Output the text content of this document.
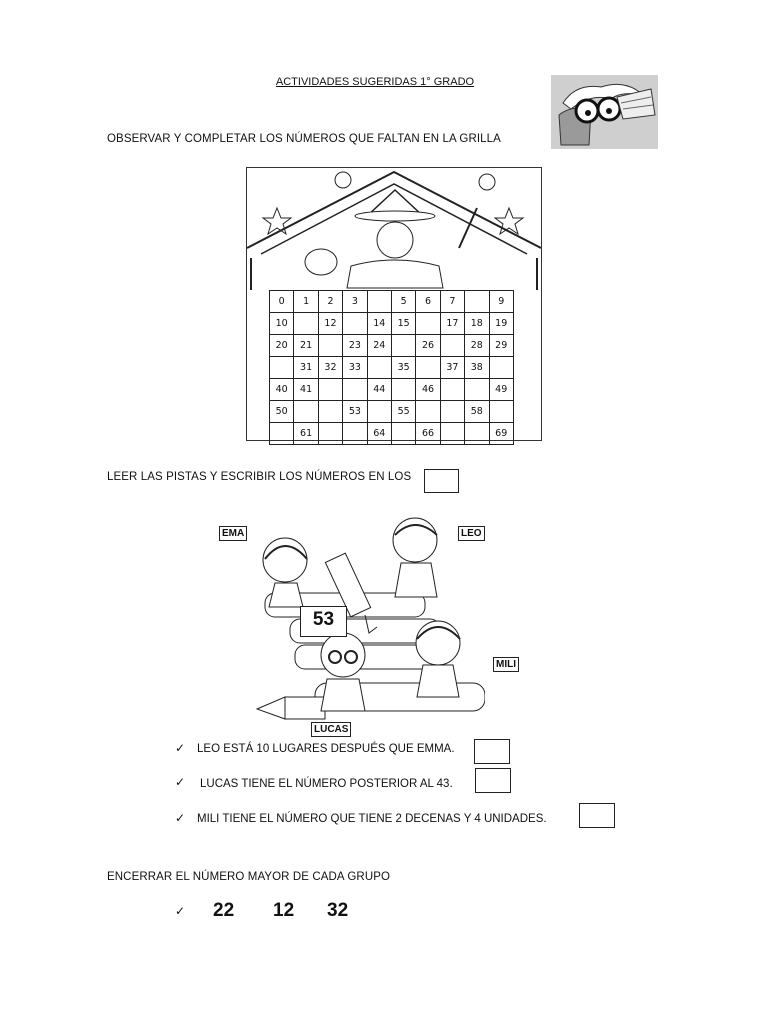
ACTIVIDADES SUGERIDAS 1° GRADO
OBSERVAR Y COMPLETAR LOS NÚMEROS QUE FALTAN EN LA GRILLA
0	1	2	3		5	6	7		9
10		12		14	15		17	18	19
20	21		23	24		26		28	29
	31	32	33		35		37	38	
40	41			44		46			49
50			53		55			58	
	61			64		66			69
LEER LAS PISTAS Y ESCRIBIR LOS NÚMEROS EN LOS
53
EMA	LEO
MILI
LUCAS
✓ LEO ESTÁ 10 LUGARES DESPUÉS QUE EMMA.
✓ LUCAS TIENE EL NÚMERO POSTERIOR AL 43.
✓ MILI TIENE EL NÚMERO QUE TIENE 2 DECENAS Y 4 UNIDADES.
ENCERRAR EL NÚMERO MAYOR DE CADA GRUPO
✓ 22 12 32
